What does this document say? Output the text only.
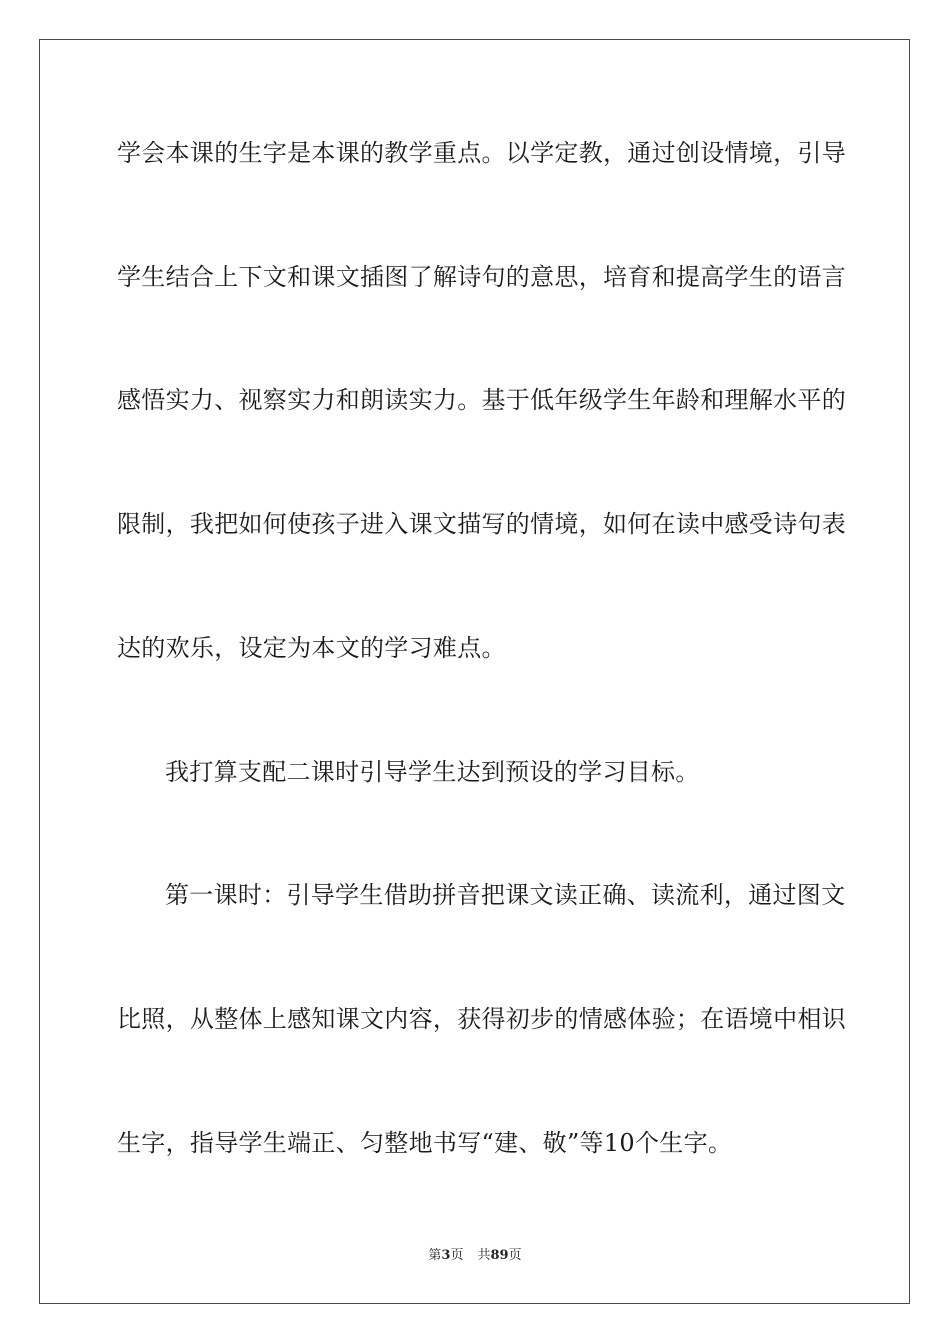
学会本课的生字是本课的教学重点。以学定教，通过创设情境，引导
学生结合上下文和课文插图了解诗句的意思，培育和提高学生的语言
感悟实力、视察实力和朗读实力。基于低年级学生年龄和理解水平的
限制，我把如何使孩子进入课文描写的情境，如何在读中感受诗句表
达的欢乐，设定为本文的学习难点。
我打算支配二课时引导学生达到预设的学习目标。
第一课时：引导学生借助拼音把课文读正确、读流利，通过图文
比照，从整体上感知课文内容，获得初步的情感体验；在语境中相识
生字，指导学生端正、匀整地书写“建、敬”等10个生字。
第3页 共89页
